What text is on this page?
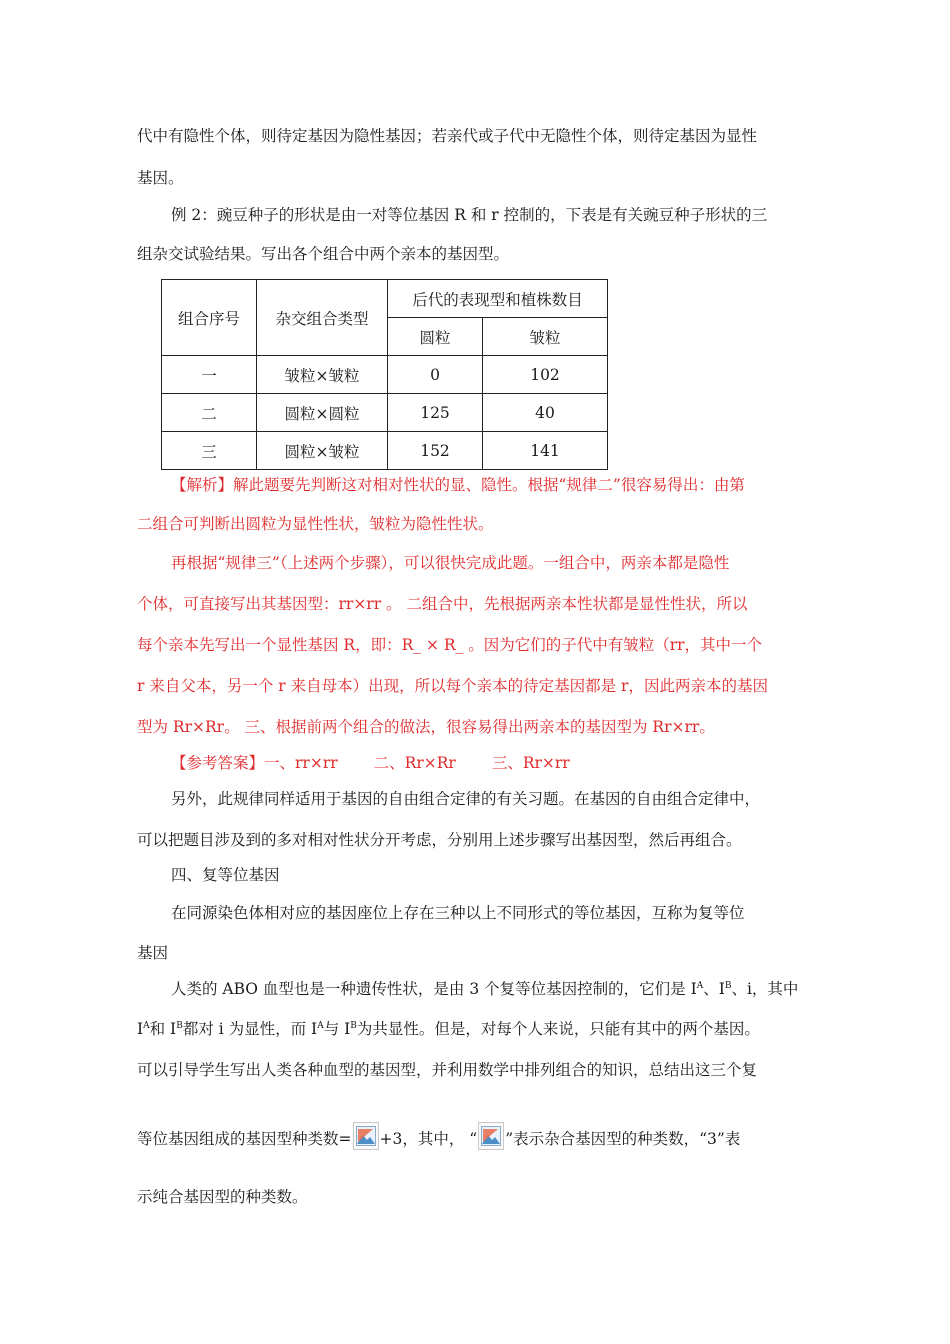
代中有隐性个体，则待定基因为隐性基因；若亲代或子代中无隐性个体，则待定基因为显性
基因。
例 2：豌豆种子的形状是由一对等位基因 R 和 r 控制的，下表是有关豌豆种子形状的三
组杂交试验结果。写出各个组合中两个亲本的基因型。
组合序号	杂交组合类型	后代的表现型和植株数目	
		圆粒	皱粒
一	皱粒×皱粒	0	102
二	圆粒×圆粒	125	40
三	圆粒×皱粒	152	141
【解析】解此题要先判断这对相对性状的显、隐性。根据“规律二”很容易得出：由第
二组合可判断出圆粒为显性性状，皱粒为隐性性状。
再根据“规律三”（上述两个步骤），可以很快完成此题。一组合中，两亲本都是隐性
个体，可直接写出其基因型：rr×rr 。 二组合中，先根据两亲本性状都是显性性状，所以
每个亲本先写出一个显性基因 R，即：R_ × R_ 。因为它们的子代中有皱粒（rr，其中一个
r 来自父本，另一个 r 来自母本）出现，所以每个亲本的待定基因都是 r，因此两亲本的基因
型为 Rr×Rr。 三、根据前两个组合的做法，很容易得出两亲本的基因型为 Rr×rr。
【参考答案】一、rr×rr 二、Rr×Rr 三、Rr×rr
另外，此规律同样适用于基因的自由组合定律的有关习题。在基因的自由组合定律中，
可以把题目涉及到的多对相对性状分开考虑，分别用上述步骤写出基因型，然后再组合。
四、复等位基因
在同源染色体相对应的基因座位上存在三种以上不同形式的等位基因，互称为复等位
基因
人类的 ABO 血型也是一种遗传性状，是由 3 个复等位基因控制的，它们是 $I^A$、$I^B$、i，其中
$I^A$和 $I^B$都对 i 为显性，而 $I^A$与 $I^B$为共显性。但是，对每个人来说，只能有其中的两个基因。
可以引导学生写出人类各种血型的基因型，并利用数学中排列组合的知识，总结出这三个复
等位基因组成的基因型种类数= +3，其中， “ ”表示杂合基因型的种类数，“3”表
示纯合基因型的种类数。
